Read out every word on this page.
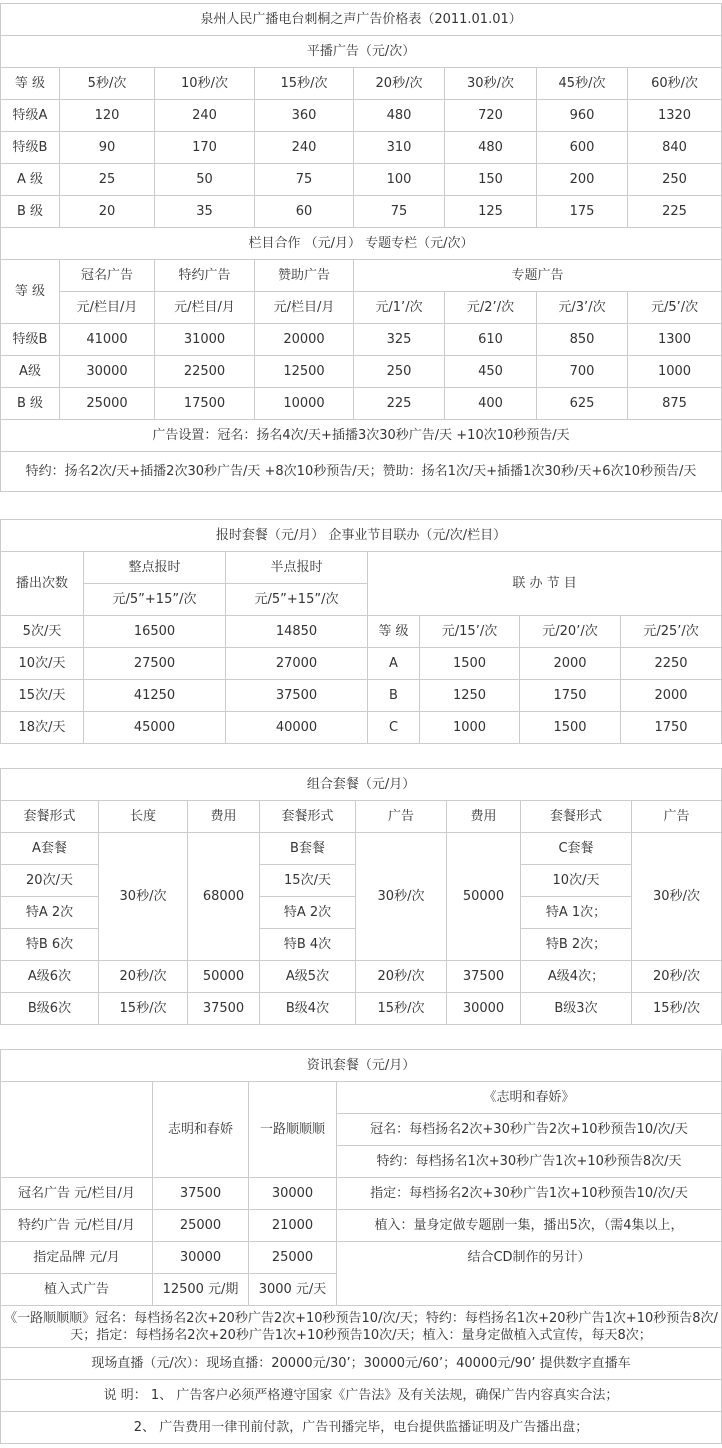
泉州人民广播电台刺桐之声广告价格表（2011.01.01）							
平播广告（元/次）							
等 级	5秒/次	10秒/次	15秒/次	20秒/次	30秒/次	45秒/次	60秒/次
特级A	120	240	360	480	720	960	1320
特级B	90	170	240	310	480	600	840
A 级	25	50	75	100	150	200	250
B 级	20	35	60	75	125	175	225
栏目合作 （元/月） 专题专栏（元/次）							
等 级	冠名广告	特约广告	赞助广告	专题广告			
	元/栏目/月	元/栏目/月	元/栏目/月	元/1’/次	元/2’/次	元/3’/次	元/5’/次
特级B	41000	31000	20000	325	610	850	1300
A级	30000	22500	12500	250	450	700	1000
B 级	25000	17500	10000	225	400	625	875
广告设置：冠名：扬名4次/天+插播3次30秒广告/天 +10次10秒预告/天							
特约：扬名2次/天+插播2次30秒广告/天 +8次10秒预告/天；赞助：扬名1次/天+插播1次30秒/天+6次10秒预告/天							
报时套餐（元/月） 企事业节目联办（元/次/栏目）						
播出次数	整点报时	半点报时	联 办 节 目			
	元/5”+15”/次	元/5”+15”/次				
5次/天	16500	14850	等 级	元/15’/次	元/20’/次	元/25’/次
10次/天	27500	27000	A	1500	2000	2250
15次/天	41250	37500	B	1250	1750	2000
18次/天	45000	40000	C	1000	1500	1750
组合套餐（元/月）							
套餐形式	长度	费用	套餐形式	广告	费用	套餐形式	广告
A套餐	30秒/次	68000	B套餐	30秒/次	50000	C套餐	30秒/次
20次/天			15次/天			10次/天	
特A 2次			特A 2次			特A 1次；	
特B 6次			特B 4次			特B 2次；	
A级6次	20秒/次	50000	A级5次	20秒/次	37500	A级4次；	20秒/次
B级6次	15秒/次	37500	B级4次	15秒/次	30000	B级3次	15秒/次
资讯套餐（元/月）			
	志明和春娇	一路顺顺顺	《志明和春娇》
			冠名：每档扬名2次+30秒广告2次+10秒预告10/次/天
			特约：每档扬名1次+30秒广告1次+10秒预告8次/天
冠名广告 元/栏目/月	37500	30000	指定：每档扬名2次+30秒广告1次+10秒预告10/次/天
特约广告 元/栏目/月	25000	21000	植入：量身定做专题剧一集，播出5次，（需4集以上，
指定品牌 元/月	30000	25000	结合CD制作的另计）
植入式广告	12500 元/期	3000 元/天	
《一路顺顺顺》冠名：每档扬名2次+20秒广告2次+10秒预告10/次/天；特约：每档扬名1次+20秒广告1次+10秒预告8次/天；指定：每档扬名2次+20秒广告1次+10秒预告10次/天；植入：量身定做植入式宣传，每天8次；			
现场直播（元/次）：现场直播：20000元/30’；30000元/60’；40000元/90’ 提供数字直播车			
说 明： 1、 广告客户必须严格遵守国家《广告法》及有关法规，确保广告内容真实合法；			
2、 广告费用一律刊前付款，广告刊播完毕，电台提供监播证明及广告播出盘；			
